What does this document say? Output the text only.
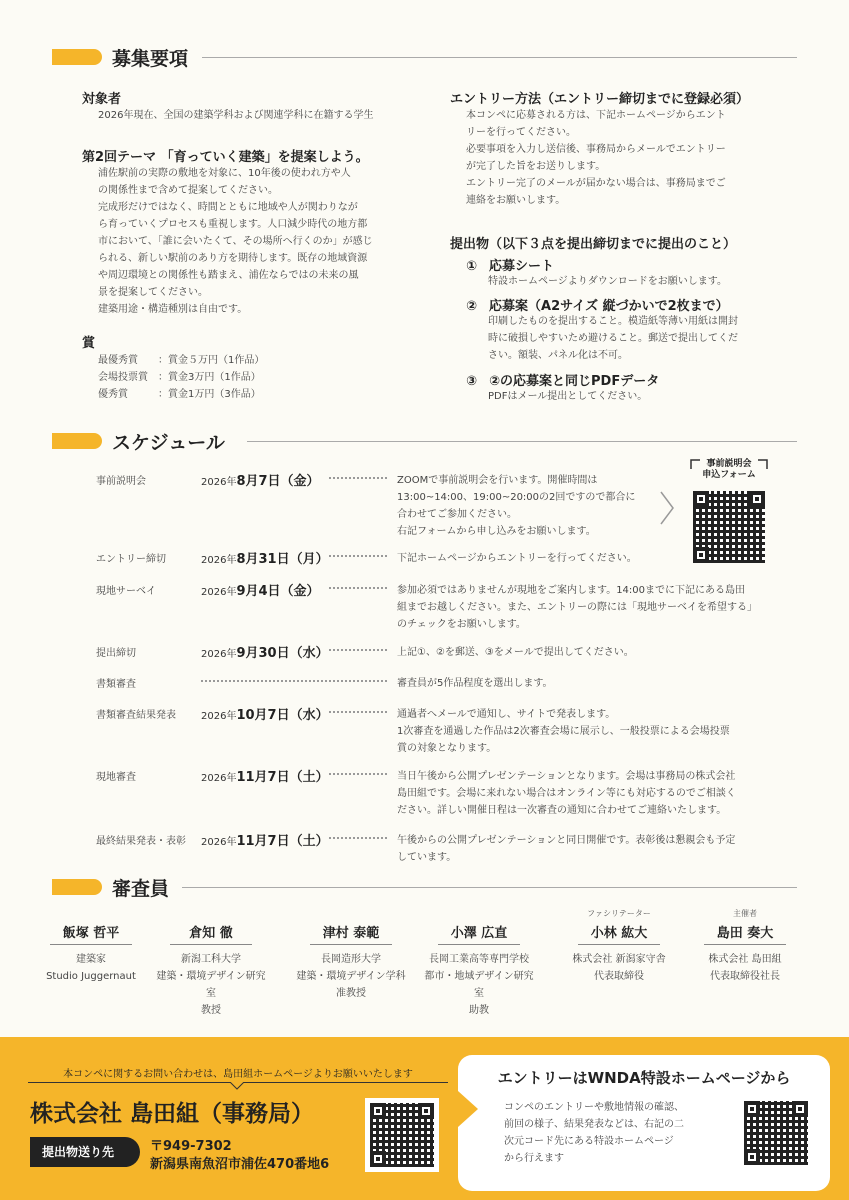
募集要項
対象者
2026年現在、全国の建築学科および関連学科に在籍する学生
第2回テーマ 「育っていく建築」を提案しよう。
浦佐駅前の実際の敷地を対象に、10年後の使われ方や人
の関係性まで含めて提案してください。
完成形だけではなく、時間とともに地域や人が関わりなが
ら育っていくプロセスも重視します。人口減少時代の地方都
市において、「誰に会いたくて、その場所へ行くのか」が感じ
られる、新しい駅前のあり方を期待します。既存の地域資源
や周辺環境との関係性も踏まえ、浦佐ならではの未来の風
景を提案してください。
建築用途・構造種別は自由です。
賞
最優秀賞 ：賞金５万円（1作品）
会場投票賞 ：賞金3万円（1作品）
優秀賞	：賞金1万円（3作品）
エントリー方法（エントリー締切までに登録必須）
本コンペに応募される方は、下記ホームページからエント
リーを行ってください。
必要事項を入力し送信後、事務局からメールでエントリー
が完了した旨をお送りします。
エントリー完了のメールが届かない場合は、事務局までご
連絡をお願いします。
提出物（以下３点を提出締切までに提出のこと）
① 応募シート
特設ホームページよりダウンロードをお願いします。
② 応募案（A2サイズ 縦づかいで2枚まで）
印刷したものを提出すること。模造紙等薄い用紙は開封
時に破損しやすいため避けること。郵送で提出してくだ
さい。額装、パネル化は不可。
③ ②の応募案と同じPDFデータ
PDFはメール提出としてください。
スケジュール
事前説明会	2026年8月7日（金）	ZOOMで事前説明会を行います。開催時間は
13:00~14:00、19:00~20:00の2回ですので都合に
合わせてご参加ください。
右記フォームから申し込みをお願いします。
エントリー締切	2026年8月31日（月）	下記ホームページからエントリーを行ってください。
現地サーベイ	2026年9月4日（金）	参加必須ではありませんが現地をご案内します。14:00までに下記にある島田
組までお越しください。また、エントリーの際には「現地サーベイを希望する」
のチェックをお願いします。
提出締切	2026年9月30日（水）	上記①、②を郵送、③をメールで提出してください。
書類審査	審査員が5作品程度を選出します。
書類審査結果発表	2026年10月7日（水）	通過者へメールで通知し、サイトで発表します。
1次審査を通過した作品は2次審査会場に展示し、一般投票による会場投票
賞の対象となります。
現地審査	2026年11月7日（土）	当日午後から公開プレゼンテーションとなります。会場は事務局の株式会社
島田組です。会場に来れない場合はオンライン等にも対応するのでご相談く
ださい。詳しい開催日程は一次審査の通知に合わせてご連絡いたします。
最終結果発表・表彰 2026年11月7日（土）	午後からの公開プレゼンテーションと同日開催です。表彰後は懇親会も予定
しています。
事前説明会
申込フォーム
審査員
飯塚 哲平
建築家
Studio Juggernaut
倉知 徹
新潟工科大学
建築・環境デザイン研究室
教授
津村 泰範
長岡造形大学
建築・環境デザイン学科
准教授
小澤 広直
長岡工業高等専門学校
都市・地域デザイン研究室
助教
ファシリテーター
小林 紘大
株式会社 新潟家守舎
代表取締役
主催者
島田 奏大
株式会社 島田組
代表取締役社長
本コンペに関するお問い合わせは、島田組ホームページよりお願いいたします
株式会社 島田組（事務局）
提出物送り先	〒949-7302
新潟県南魚沼市浦佐470番地6
エントリーはWNDA特設ホームページから
コンペのエントリーや敷地情報の確認、
前回の様子、結果発表などは、右記の二
次元コード先にある特設ホームページ
から行えます
